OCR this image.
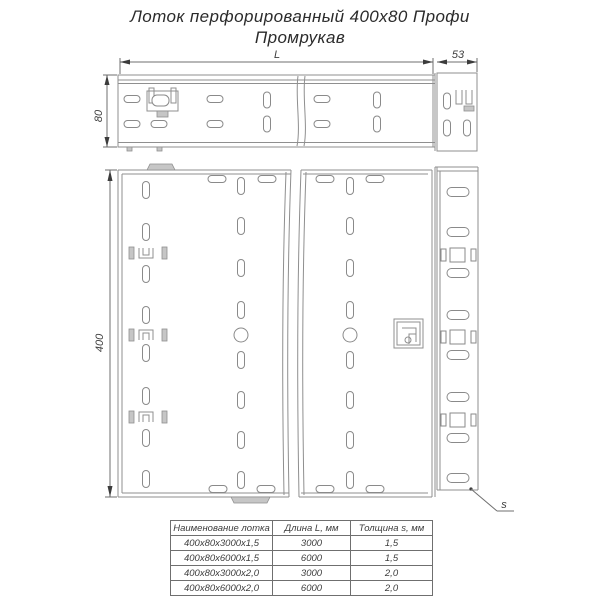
Лоток перфорированный 400х80 Профи
Промрукав
L	53
80
400
s
Наименование лотка	Длина L, мм	Толщина s, мм
400х80х3000х1,5	3000	1,5
400х80х6000х1,5	6000	1,5
400х80х3000х2,0	3000	2,0
400х80х6000х2,0	6000	2,0
